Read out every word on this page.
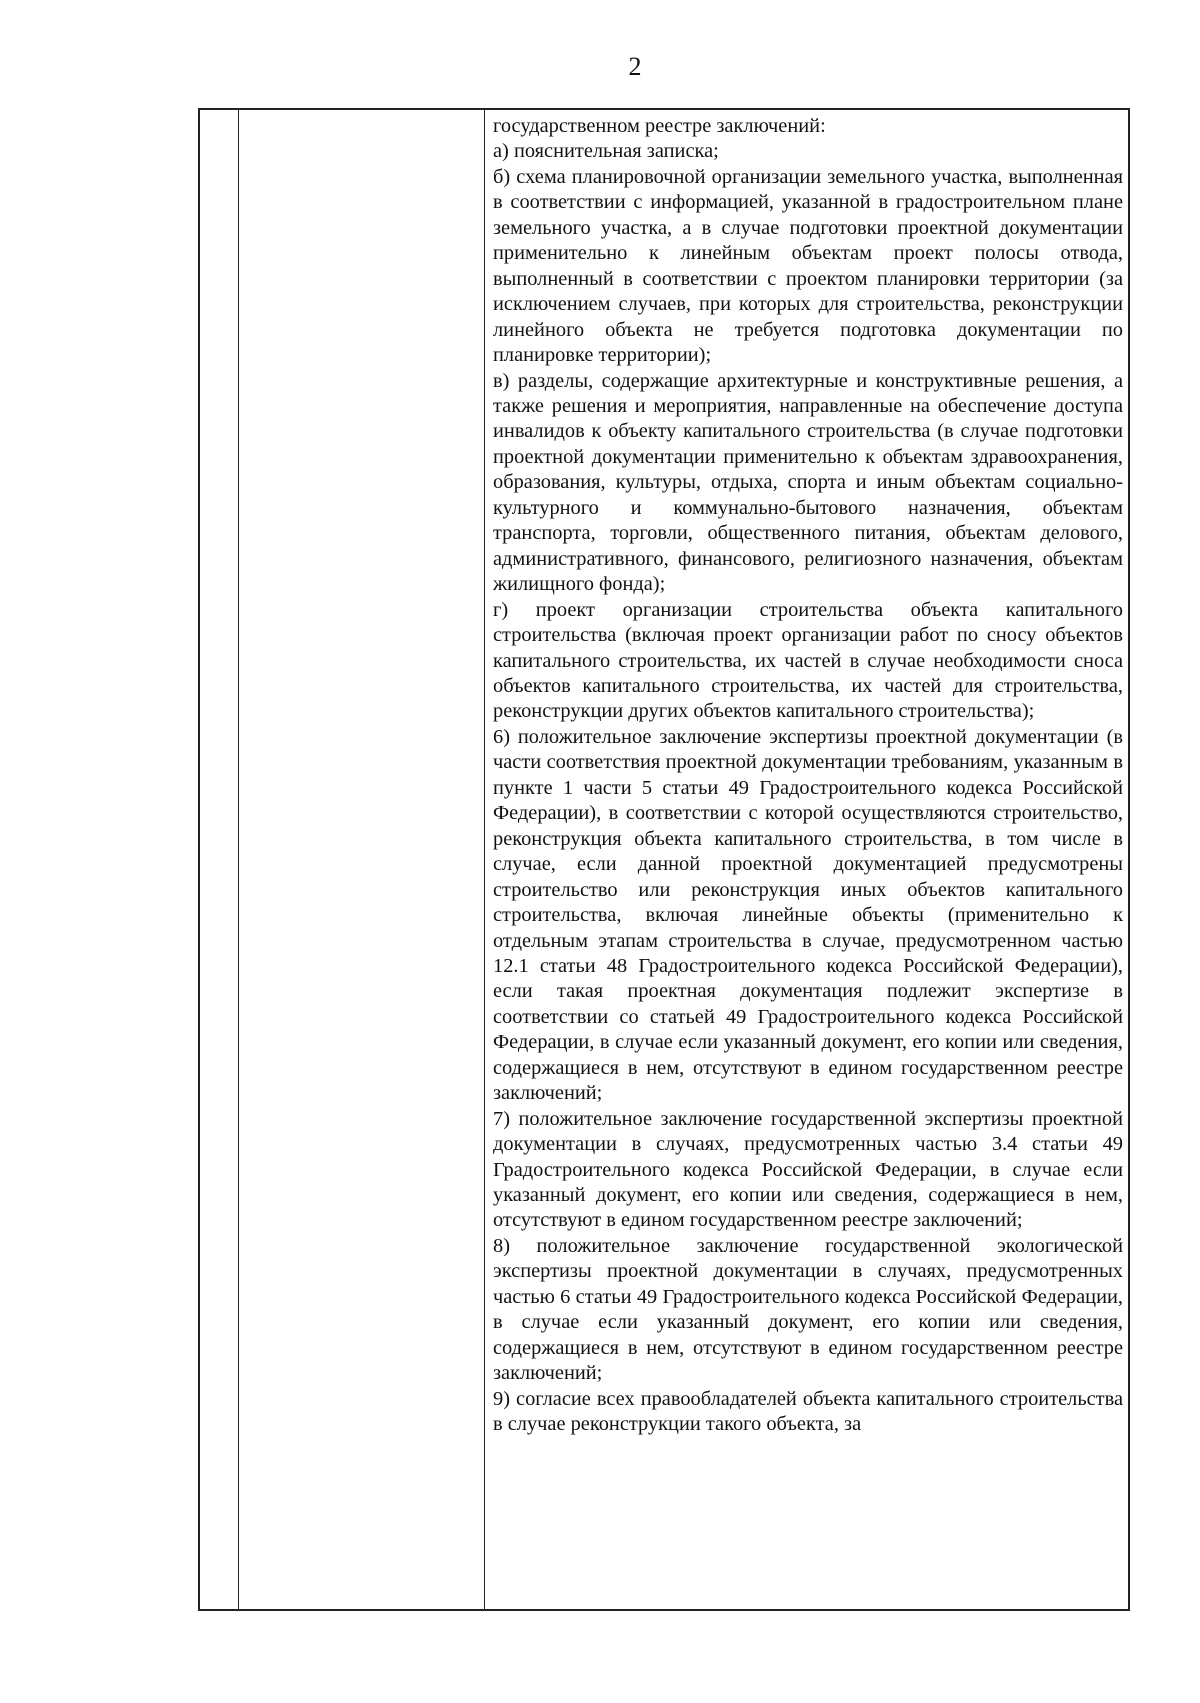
2

государственном реестре заключений:

а) пояснительная записка;

б) схема планировочной организации земельного участка, выполненная в соответствии с информацией, указанной в градостроительном плане земельного участка, а в случае подготовки проектной документации применительно к линейным объектам проект полосы отвода, выполненный в соответствии с проектом планировки территории (за исключением случаев, при которых для строительства, реконструкции линейного объекта не требуется подготовка документации по планировке территории);

в) разделы, содержащие архитектурные и конструктивные решения, а также решения и мероприятия, направленные на обеспечение доступа инвалидов к объекту капитального строительства (в случае подготовки проектной документации применительно к объектам здравоохранения, образования, культуры, отдыха, спорта и иным объектам социально-культурного и коммунально-бытового назначения, объектам транспорта, торговли, общественного питания, объектам делового, административного, финансового, религиозного назначения, объектам жилищного фонда);

г) проект организации строительства объекта капитального строительства (включая проект организации работ по сносу объектов капитального строительства, их частей в случае необходимости сноса объектов капитального строительства, их частей для строительства, реконструкции других объектов капитального строительства);

6) положительное заключение экспертизы проектной документации (в части соответствия проектной документации требованиям, указанным в пункте 1 части 5 статьи 49 Градостроительного кодекса Российской Федерации), в соответствии с которой осуществляются строительство, реконструкция объекта капитального строительства, в том числе в случае, если данной проектной документацией предусмотрены строительство или реконструкция иных объектов капитального строительства, включая линейные объекты (применительно к отдельным этапам строительства в случае, предусмотренном частью 12.1 статьи 48 Градостроительного кодекса Российской Федерации), если такая проектная документация подлежит экспертизе в соответствии со статьей 49 Градостроительного кодекса Российской Федерации, в случае если указанный документ, его копии или сведения, содержащиеся в нем, отсутствуют в едином государственном реестре заключений;

7) положительное заключение государственной экспертизы проектной документации в случаях, предусмотренных частью 3.4 статьи 49 Градостроительного кодекса Российской Федерации, в случае если указанный документ, его копии или сведения, содержащиеся в нем, отсутствуют в едином государственном реестре заключений;

8) положительное заключение государственной экологической экспертизы проектной документации в случаях, предусмотренных частью 6 статьи 49 Градостроительного кодекса Российской Федерации, в случае если указанный документ, его копии или сведения, содержащиеся в нем, отсутствуют в едином государственном реестре заключений;

9) согласие всех правообладателей объекта капитального строительства в случае реконструкции такого объекта, за
